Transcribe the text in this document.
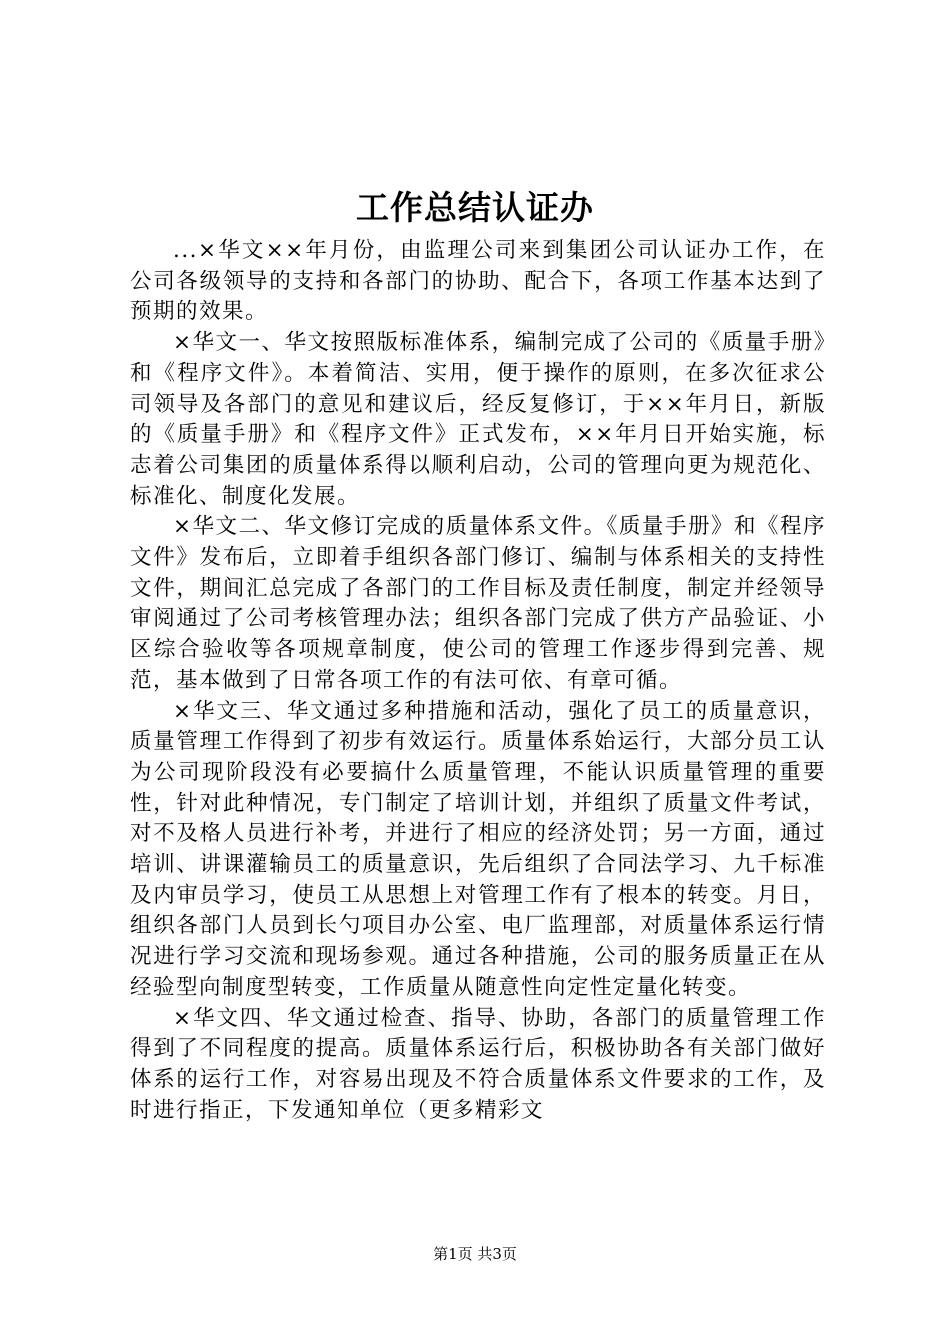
工作总结认证办

...×华文××年月份，由监理公司来到集团公司认证办工作，在公司各级领导的支持和各部门的协助、配合下，各项工作基本达到了预期的效果。

×华文一、华文按照版标准体系，编制完成了公司的《质量手册》和《程序文件》。本着简洁、实用，便于操作的原则，在多次征求公司领导及各部门的意见和建议后，经反复修订，于××年月日，新版的《质量手册》和《程序文件》正式发布，××年月日开始实施，标志着公司集团的质量体系得以顺利启动，公司的管理向更为规范化、标准化、制度化发展。

×华文二、华文修订完成的质量体系文件。《质量手册》和《程序文件》发布后，立即着手组织各部门修订、编制与体系相关的支持性文件，期间汇总完成了各部门的工作目标及责任制度，制定并经领导审阅通过了公司考核管理办法；组织各部门完成了供方产品验证、小区综合验收等各项规章制度，使公司的管理工作逐步得到完善、规范，基本做到了日常各项工作的有法可依、有章可循。

×华文三、华文通过多种措施和活动，强化了员工的质量意识，质量管理工作得到了初步有效运行。质量体系始运行，大部分员工认为公司现阶段没有必要搞什么质量管理，不能认识质量管理的重要性，针对此种情况，专门制定了培训计划，并组织了质量文件考试，对不及格人员进行补考，并进行了相应的经济处罚；另一方面，通过培训、讲课灌输员工的质量意识，先后组织了合同法学习、九千标准及内审员学习，使员工从思想上对管理工作有了根本的转变。月日，组织各部门人员到长勺项目办公室、电厂监理部，对质量体系运行情况进行学习交流和现场参观。通过各种措施，公司的服务质量正在从经验型向制度型转变，工作质量从随意性向定性定量化转变。

×华文四、华文通过检查、指导、协助，各部门的质量管理工作得到了不同程度的提高。质量体系运行后，积极协助各有关部门做好体系的运行工作，对容易出现及不符合质量体系文件要求的工作，及时进行指正，下发通知单位（更多精彩文

第1页 共3页
